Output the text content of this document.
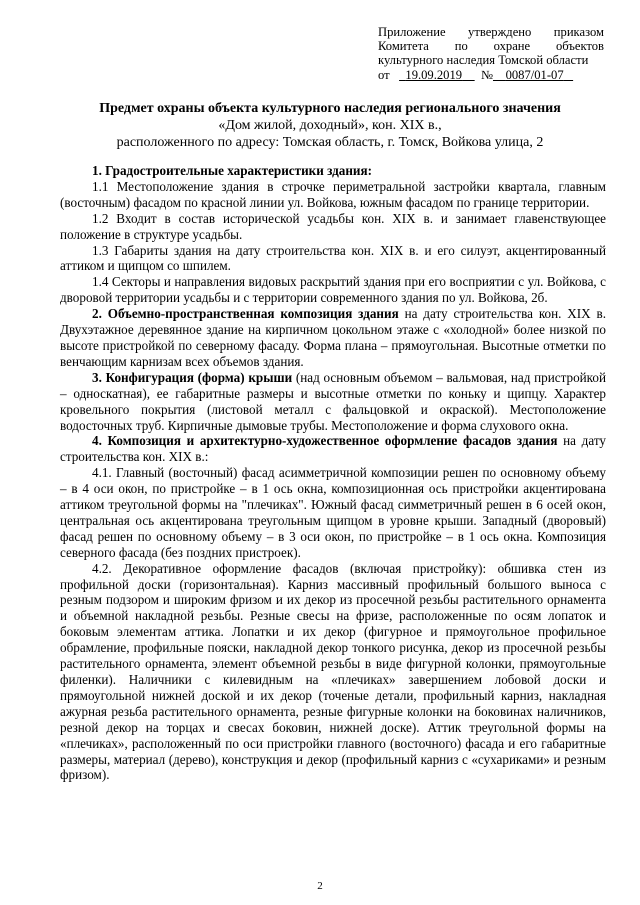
Приложение утверждено приказом
Комитета по охране объектов
культурного наследия Томской области
от 19.09.2019 № 0087/01-07
Предмет охраны объекта культурного наследия регионального значения
«Дом жилой, доходный», кон. XIX в.,
расположенного по адресу: Томская область, г. Томск, Войкова улица, 2

1. Градостроительные характеристики здания:

1.1 Местоположение здания в строчке периметральной застройки квартала, главным (восточным) фасадом по красной линии ул. Войкова, южным фасадом по границе территории.

1.2 Входит в состав исторической усадьбы кон. XIX в. и занимает главенствующее положение в структуре усадьбы.

1.3 Габариты здания на дату строительства кон. XIX в. и его силуэт, акцентированный аттиком и щипцом со шпилем.

1.4 Секторы и направления видовых раскрытий здания при его восприятии с ул. Войкова, с дворовой территории усадьбы и с территории современного здания по ул. Войкова, 2б.

2. Объемно-пространственная композиция здания на дату строительства кон. XIX в. Двухэтажное деревянное здание на кирпичном цокольном этаже с «холодной» более низкой по высоте пристройкой по северному фасаду. Форма плана – прямоугольная. Высотные отметки по венчающим карнизам всех объемов здания.

3. Конфигурация (форма) крыши (над основным объемом – вальмовая, над пристройкой – односкатная), ее габаритные размеры и высотные отметки по коньку и щипцу. Характер кровельного покрытия (листовой металл с фальцовкой и окраской). Местоположение водосточных труб. Кирпичные дымовые трубы. Местоположение и форма слухового окна.

4. Композиция и архитектурно-художественное оформление фасадов здания на дату строительства кон. XIX в.:

4.1. Главный (восточный) фасад асимметричной композиции решен по основному объему – в 4 оси окон, по пристройке – в 1 ось окна, композиционная ось пристройки акцентирована аттиком треугольной формы на "плечиках". Южный фасад симметричный решен в 6 осей окон, центральная ось акцентирована треугольным щипцом в уровне крыши. Западный (дворовый) фасад решен по основному объему – в 3 оси окон, по пристройке – в 1 ось окна. Композиция северного фасада (без поздних пристроек).

4.2. Декоративное оформление фасадов (включая пристройку): обшивка стен из профильной доски (горизонтальная). Карниз массивный профильный большого выноса с резным подзором и широким фризом и их декор из просечной резьбы растительного орнамента и объемной накладной резьбы. Резные свесы на фризе, расположенные по осям лопаток и боковым элементам аттика. Лопатки и их декор (фигурное и прямоугольное профильное обрамление, профильные пояски, накладной декор тонкого рисунка, декор из просечной резьбы растительного орнамента, элемент объемной резьбы в виде фигурной колонки, прямоугольные филенки). Наличники с килевидным на «плечиках» завершением лобовой доски и прямоугольной нижней доской и их декор (точеные детали, профильный карниз, накладная ажурная резьба растительного орнамента, резные фигурные колонки на боковинах наличников, резной декор на торцах и свесах боковин, нижней доске). Аттик треугольной формы на «плечиках», расположенный по оси пристройки главного (восточного) фасада и его габаритные размеры, материал (дерево), конструкция и декор (профильный карниз с «сухариками» и резным фризом).

2
